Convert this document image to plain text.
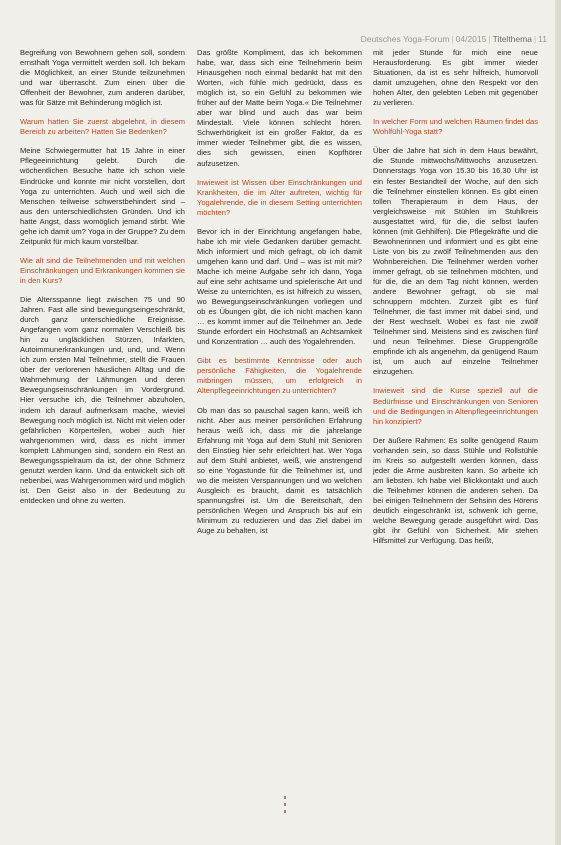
Deutsches Yoga-Forum | 04/2015 | Titelthema | 11

Begreifung von Bewohnern gehen soll, sondern ernsthaft Yoga vermittelt werden soll. Ich bekam die Möglichkeit, an einer Stunde teilzunehmen und war überrascht. Zum einen über die Offenheit der Bewohner, zum anderen darüber, was für Sätze mit Behinderung möglich ist.

Warum hatten Sie zuerst abgelehnt, in diesem Bereich zu arbeiten? Hatten Sie Bedenken?

Meine Schwiegermutter hat 15 Jahre in einer Pflegeeinrichtung gelebt. Durch die wöchentlichen Besuche hatte ich schon viele Eindrücke und konnte mir nicht vorstellen, dort Yoga zu unterrichten. Auch und weil sich die Menschen teilweise schwerstbehindert sind – aus den unterschiedlichsten Gründen. Und ich hatte Angst, dass womöglich jemand stirbt. Wie gehe ich damit um? Yoga in der Gruppe? Zu dem Zeitpunkt für mich kaum vorstellbar.

Wie alt sind die Teilnehmenden und mit welchen Einschränkungen und Erkrankungen kommen sie in den Kurs?

Die Altersspanne liegt zwischen 75 und 90 Jahren. Fast alle sind bewegungseingeschränkt, durch ganz unterschiedliche Ereignisse. Angefangen vom ganz normalen Verschleiß bis hin zu ungläcklichen Stürzen, Infarkten, Autoimmunerkrankungen und, und, und. Wenn ich zum ersten Mal Teilnehmer, stellt die Frauen über der verlorenen häuslichen Alltag und die Wahrnehmung der Lähmungen und deren Bewegungseinschränkungen im Vordergrund. Hier versuche ich, die Teilnehmer abzuholen, indem ich darauf aufmerksam mache, wieviel Bewegung noch möglich ist. Nicht mit vielen oder gefährlichen Körperteilen, wobei auch hier wahrgenommen wird, dass es nicht immer komplett Lähmungen sind, sondern ein Rest an Bewegungsspielraum da ist, der ohne Schmerz genutzt werden kann. Und da entwickelt sich oft nebenbei, was Wahrgenommen wird und möglich ist. Den Geist also in der Bedeutung zu entdecken und ohne zu werten.

Das größte Kompliment, das ich bekommen habe, war, dass sich eine Teilnehmerin beim Hinausgehen noch einmal bedankt hat mit den Worten, »ich fühle mich gedrückt, dass es möglich ist, so ein Gefühl zu bekommen wie früher auf der Matte beim Yoga.« Die Teilnehmer aber war blind und auch das war beim Mindestalt. Viele können schlecht hören. Schwerhörigkeit ist ein großer Faktor, da es immer wieder Teilnehmer gibt, die es wissen, dies sich gewissen, einen Kopfhörer aufzusetzen.

Inwieweit ist Wissen über Einschränkungen und Krankheiten, die im Alter auftreten, wichtig für Yogalehrende, die in diesem Setting unterrichten möchten?

Bevor ich in der Einrichtung angefangen habe, habe ich mir viele Gedanken darüber gemacht. Mich informiert und mich gefragt, ob ich damit umgehen kann und darf. Und – was ist mit mir? Mache ich meine Aufgabe sehr ich dann, Yoga auf eine sehr achtsame und spielerische Art und Weise zu unterrichten, es ist hilfreich zu wissen, wo Bewegungseinschränkungen vorliegen und ob es Übungen gibt, die ich nicht machen kann … es kommt immer auf die Teilnehmer an. Jede Stunde erfordert ein Höchstmaß an Achtsamkeit und Konzentration … auch des Yogalehrenden.

Gibt es bestimmte Kenntnisse oder auch persönliche Fähigkeiten, die Yogalehrende mitbringen müssen, um erfolgreich in Altenpflegeeinrichtungen zu unterrichten?

Ob man das so pauschal sagen kann, weiß ich nicht. Aber aus meiner persönlichen Erfahrung heraus weiß ich, dass mir die jahrelange Erfahrung mit Yoga auf dem Stuhl mit Senioren den Einstieg hier sehr erleichtert hat. Wer Yoga auf dem Stuhl anbietet, weiß, wie anstrengend so eine Yogastunde für die Teilnehmer ist, und wo die meisten Verspannungen und wo welchen Ausgleich es braucht, damit es tatsächlich spannungsfrei ist. Um die Bereitschaft, den persönlichen Wegen und Anspruch bis auf ein Minimum zu reduzieren und das Ziel dabei im Auge zu behalten, ist

mit jeder Stunde für mich eine neue Herausforderung. Es gibt immer wieder Situationen, da ist es sehr hilfreich, humorvoll damit umzugehen, ohne den Respekt vor den hohen Alter, den gelebten Leben mit gegenüber zu verlieren.

In welcher Form und welchen Räumen findet das Wohlfühl-Yoga statt?

Über die Jahre hat sich in dem Haus bewährt, die Stunde mittwochs/Mittwochs anzusetzen. Donnerstags Yoga von 15.30 bis 16.30 Uhr ist ein fester Bestandteil der Woche, auf den sich die Teilnehmer einstellen können. Es gibt einen tollen Therapieraum in dem Haus, der vergleichsweise mit Stühlen im Stuhlkreis ausgestattet wird, für die, die selbst laufen können (mit Gehhilfen). Die Pflegekräfte und die Bewohnerinnen und informiert und es gibt eine Liste von bis zu zwölf Teilnehmenden aus den Wohnbereichen. Die Teilnehmer werden vorher immer gefragt, ob sie teilnehmen möchten, und für die, die an dem Tag nicht können, werden andere Bewohner gefragt, ob sie mal schnuppern möchten. Zurzeit gibt es fünf Teilnehmer, die fast immer mit dabei sind, und der Rest wechselt. Wobei es fast nie zwölf Teilnehmer sind. Meistens sind es zwischen fünf und neun Teilnehmer. Diese Gruppengröße empfinde ich als angenehm, da genügend Raum ist, um auch auf einzelne Teilnehmer einzugehen.

Inwieweit sind die Kurse speziell auf die Bedürfnisse und Einschränkungen von Senioren und die Bedingungen in Altenpflegeeinrichtungen hin konzipiert?

Der äußere Rahmen: Es sollte genügend Raum vorhanden sein, so dass Stühle und Rollstühle im Kreis so aufgestellt werden können, dass jeder die Arme ausbreiten kann. So arbeite ich am liebsten. Ich habe viel Blickkontakt und auch die Teilnehmer können die anderen sehen. Da bei einigen Teilnehmern der Sehsinn des Hörens deutlich eingeschränkt ist, schwenk ich gerne, welche Bewegung gerade ausgeführt wird. Das gibt ihr Gefühl von Sicherheit. Mir stehen Hilfsmittel zur Verfügung. Das heißt,
